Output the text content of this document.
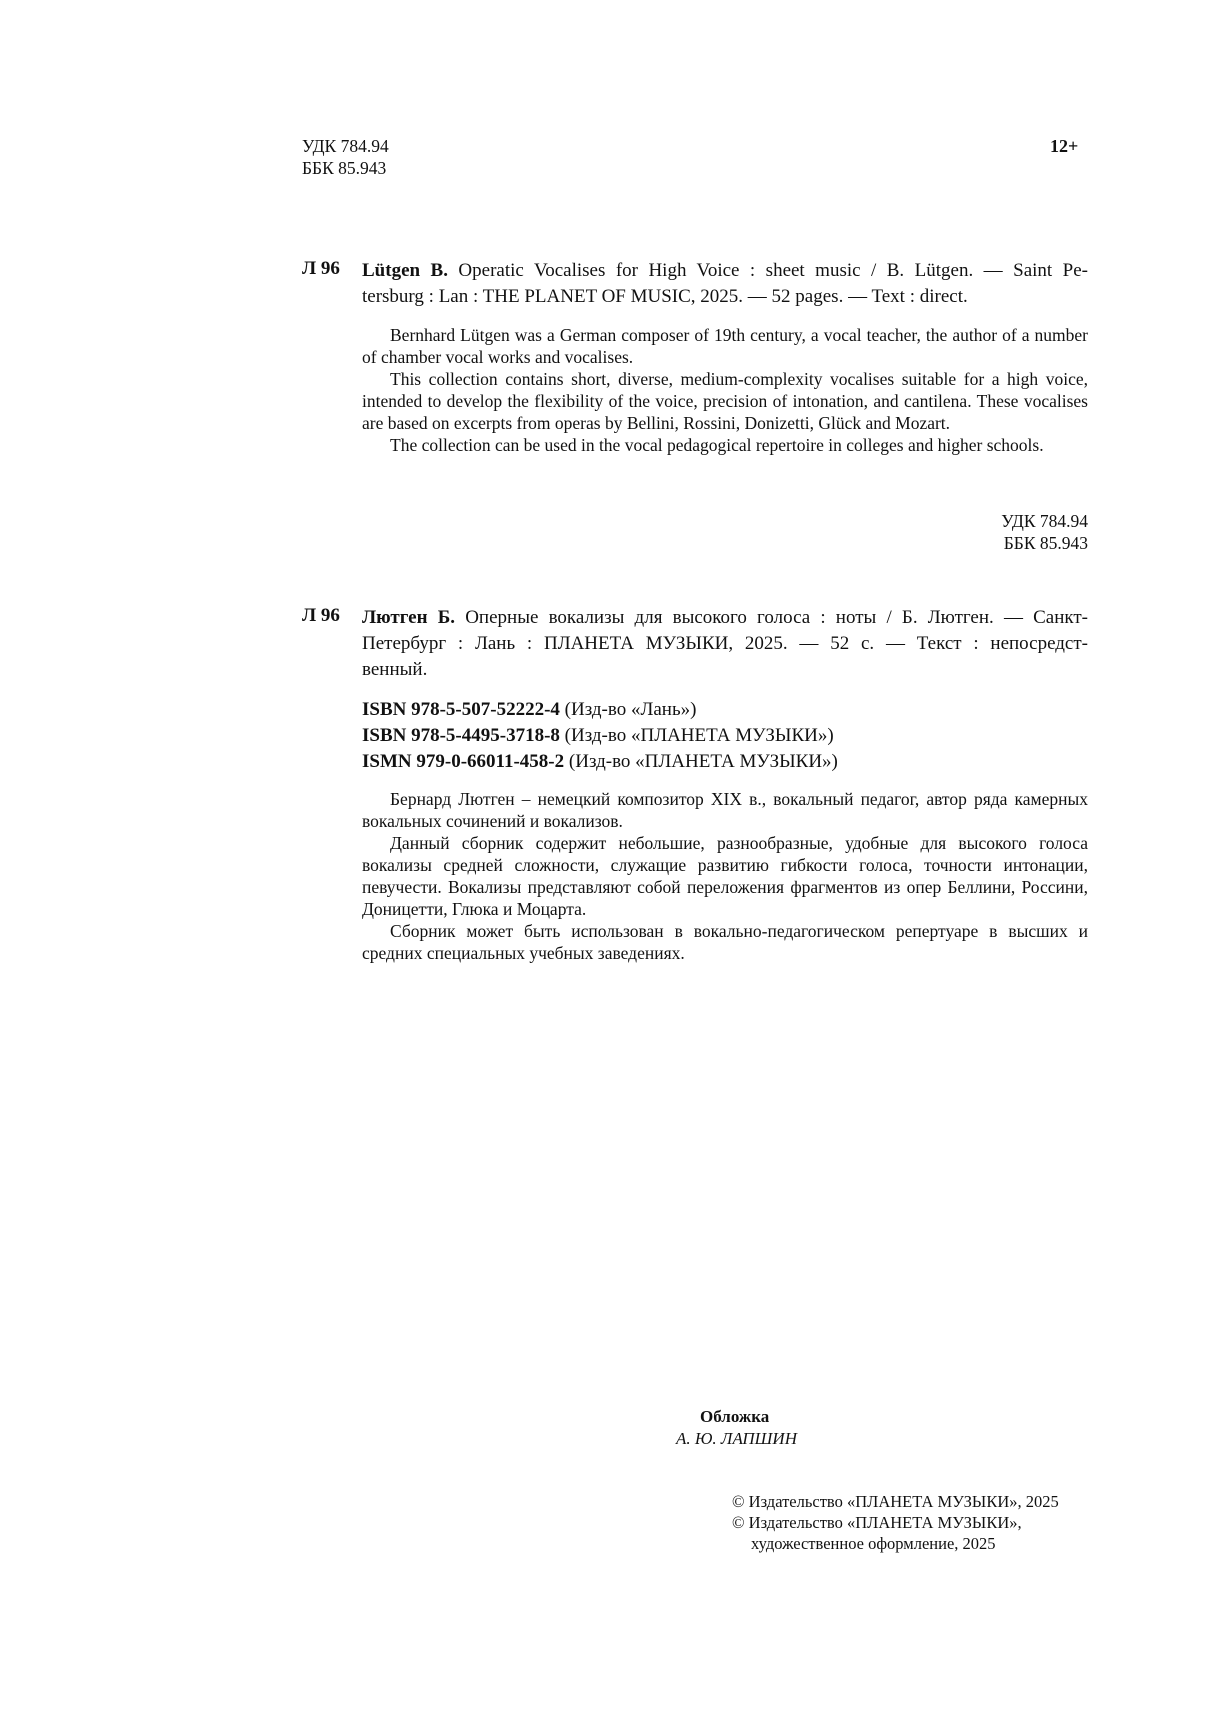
УДК 784.94
ББК 85.943
12+
Л 96 Lütgen B. Operatic Vocalises for High Voice : sheet music / B. Lütgen. — Saint Pe-
tersburg : Lan : THE PLANET OF MUSIC, 2025. — 52 pages. — Text : direct.

Bernhard Lütgen was a German composer of 19th century, a vocal teacher, the author of a number of chamber vocal works and vocalises.

This collection contains short, diverse, medium-complexity vocalises suitable for a high voice, intended to develop the flexibility of the voice, precision of intonation, and cantilena. These vocalises are based on excerpts from operas by Bellini, Rossini, Donizetti, Glück and Mozart.

The collection can be used in the vocal pedagogical repertoire in colleges and higher schools.

УДК 784.94
ББК 85.943
Л 96 Лютген Б. Оперные вокализы для высокого голоса : ноты / Б. Лютген. — Санкт-
Петербург : Лань : ПЛАНЕТА МУЗЫКИ, 2025. — 52 с. — Текст : непосредст-
венный.
ISBN 978-5-507-52222-4 (Изд-во «Лань»)
ISBN 978-5-4495-3718-8 (Изд-во «ПЛАНЕТА МУЗЫКИ»)
ISMN 979-0-66011-458-2 (Изд-во «ПЛАНЕТА МУЗЫКИ»)

Бернард Лютген – немецкий композитор XIX в., вокальный педагог, автор ряда камерных вокальных сочинений и вокализов.

Данный сборник содержит небольшие, разнообразные, удобные для высокого голоса вокализы средней сложности, служащие развитию гибкости голоса, точности интонации, певучести. Вокализы представляют собой переложения фрагментов из опер Беллини, Россини, Доницетти, Глюка и Моцарта.

Сборник может быть использован в вокально-педагогическом репертуаре в высших и средних специальных учебных заведениях.

Обложка
А. Ю. ЛАПШИН
© Издательство «ПЛАНЕТА МУЗЫКИ», 2025
© Издательство «ПЛАНЕТА МУЗЫКИ»,
художественное оформление, 2025
